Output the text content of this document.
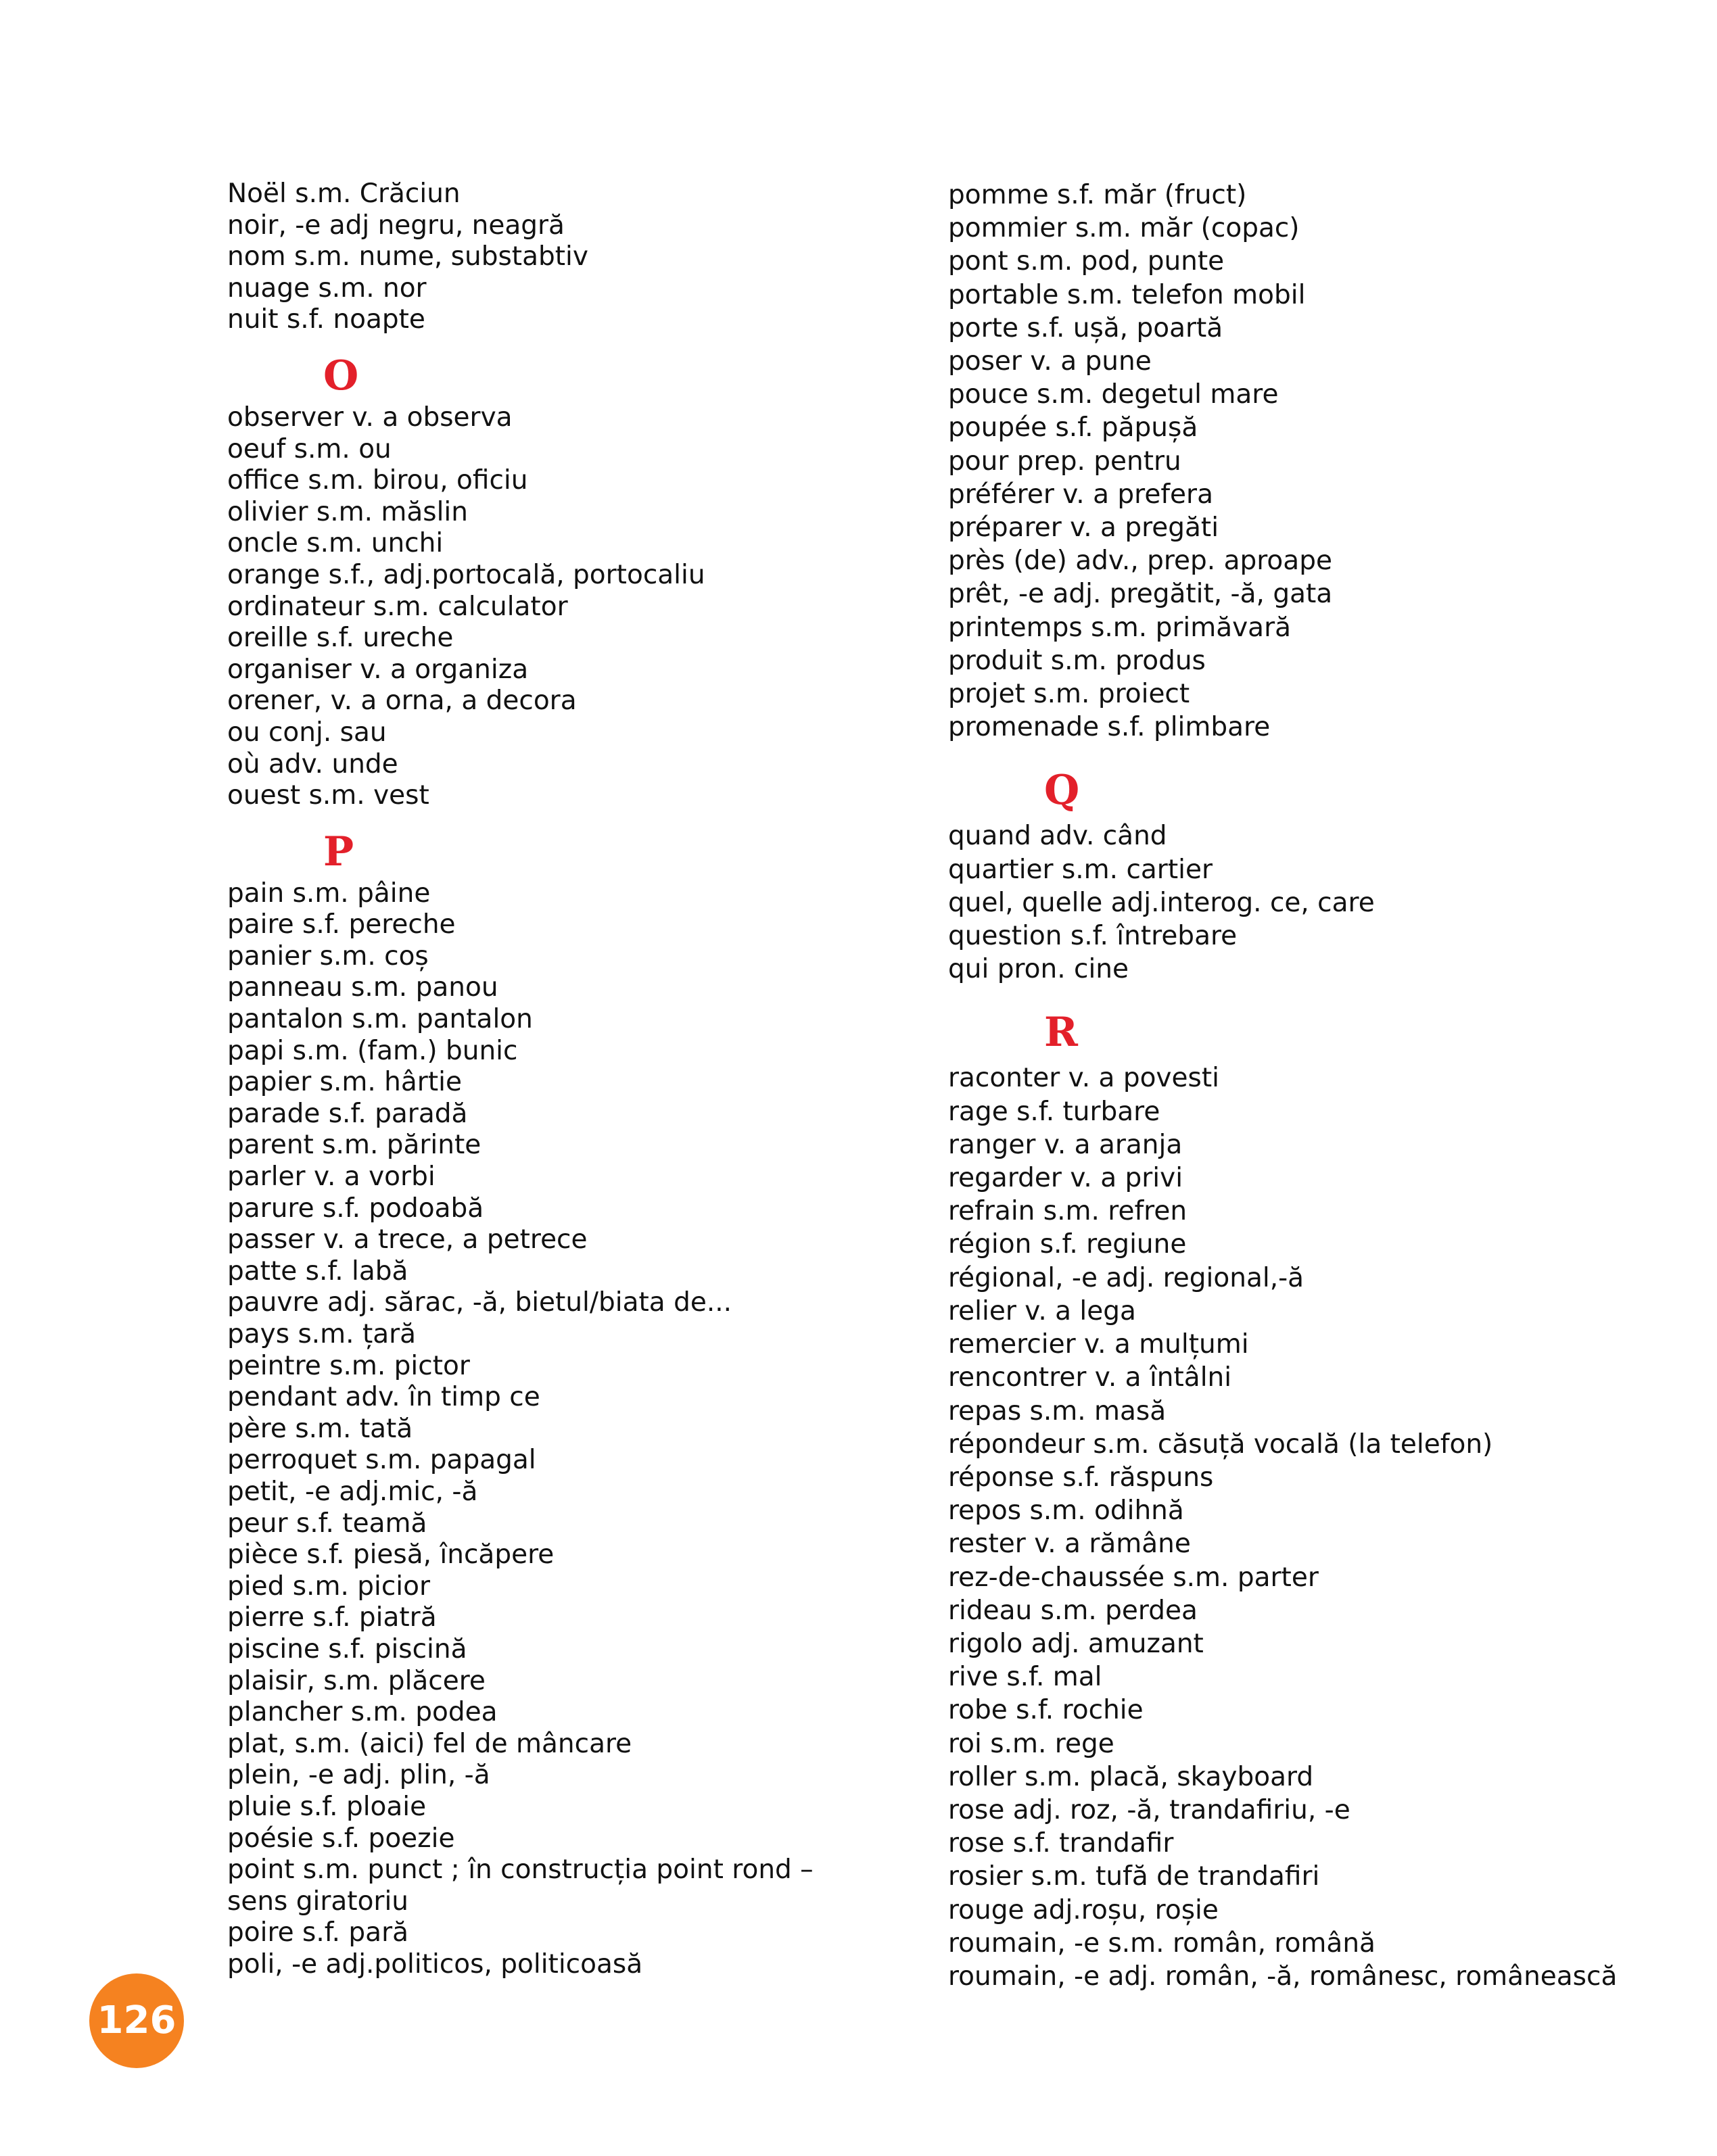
Noël s.m. Crăciun
noir, -e adj negru, neagră
nom s.m. nume, substabtiv
nuage s.m. nor
nuit s.f. noapte
O
observer v. a observa
oeuf s.m. ou
office s.m. birou, oficiu
olivier s.m. măslin
oncle s.m. unchi
orange s.f., adj.portocală, portocaliu
ordinateur s.m. calculator
oreille s.f. ureche
organiser v. a organiza
orener, v. a orna, a decora
ou conj. sau
où adv. unde
ouest s.m. vest
P
pain s.m. pâine
paire s.f. pereche
panier s.m. coș
panneau s.m. panou
pantalon s.m. pantalon
papi s.m. (fam.) bunic
papier s.m. hârtie
parade s.f. paradă
parent s.m. părinte
parler v. a vorbi
parure s.f. podoabă
passer v. a trece, a petrece
patte s.f. labă
pauvre adj. sărac, -ă, bietul/biata de...
pays s.m. țară
peintre s.m. pictor
pendant adv. în timp ce
père s.m. tată
perroquet s.m. papagal
petit, -e adj.mic, -ă
peur s.f. teamă
pièce s.f. piesă, încăpere
pied s.m. picior
pierre s.f. piatră
piscine s.f. piscină
plaisir, s.m. plăcere
plancher s.m. podea
plat, s.m. (aici) fel de mâncare
plein, -e adj. plin, -ă
pluie s.f. ploaie
poésie s.f. poezie
point s.m. punct ; în construcția point rond – sens giratoriu
poire s.f. pară
poli, -e adj.politicos, politicoasă
pomme s.f. măr (fruct)
pommier s.m. măr (copac)
pont s.m. pod, punte
portable s.m. telefon mobil
porte s.f. ușă, poartă
poser v. a pune
pouce s.m. degetul mare
poupée s.f. păpușă
pour prep. pentru
préférer v. a prefera
préparer v. a pregăti
près (de) adv., prep. aproape
prêt, -e adj. pregătit, -ă, gata
printemps s.m. primăvară
produit s.m. produs
projet s.m. proiect
promenade s.f. plimbare
Q
quand adv. când
quartier s.m. cartier
quel, quelle adj.interog. ce, care
question s.f. întrebare
qui pron. cine
R
raconter v. a povesti
rage s.f. turbare
ranger v. a aranja
regarder v. a privi
refrain s.m. refren
région s.f. regiune
régional, -e adj. regional,-ă
relier v. a lega
remercier v. a mulțumi
rencontrer v. a întâlni
repas s.m. masă
répondeur s.m. căsuță vocală (la telefon)
réponse s.f. răspuns
repos s.m. odihnă
rester v. a rămâne
rez-de-chaussée s.m. parter
rideau s.m. perdea
rigolo adj. amuzant
rive s.f. mal
robe s.f. rochie
roi s.m. rege
roller s.m. placă, skayboard
rose adj. roz, -ă, trandafiriu, -e
rose s.f. trandafir
rosier s.m. tufă de trandafiri
rouge adj.roșu, roșie
roumain, -e s.m. român, română
roumain, -e adj. român, -ă, românesc, românească
126
